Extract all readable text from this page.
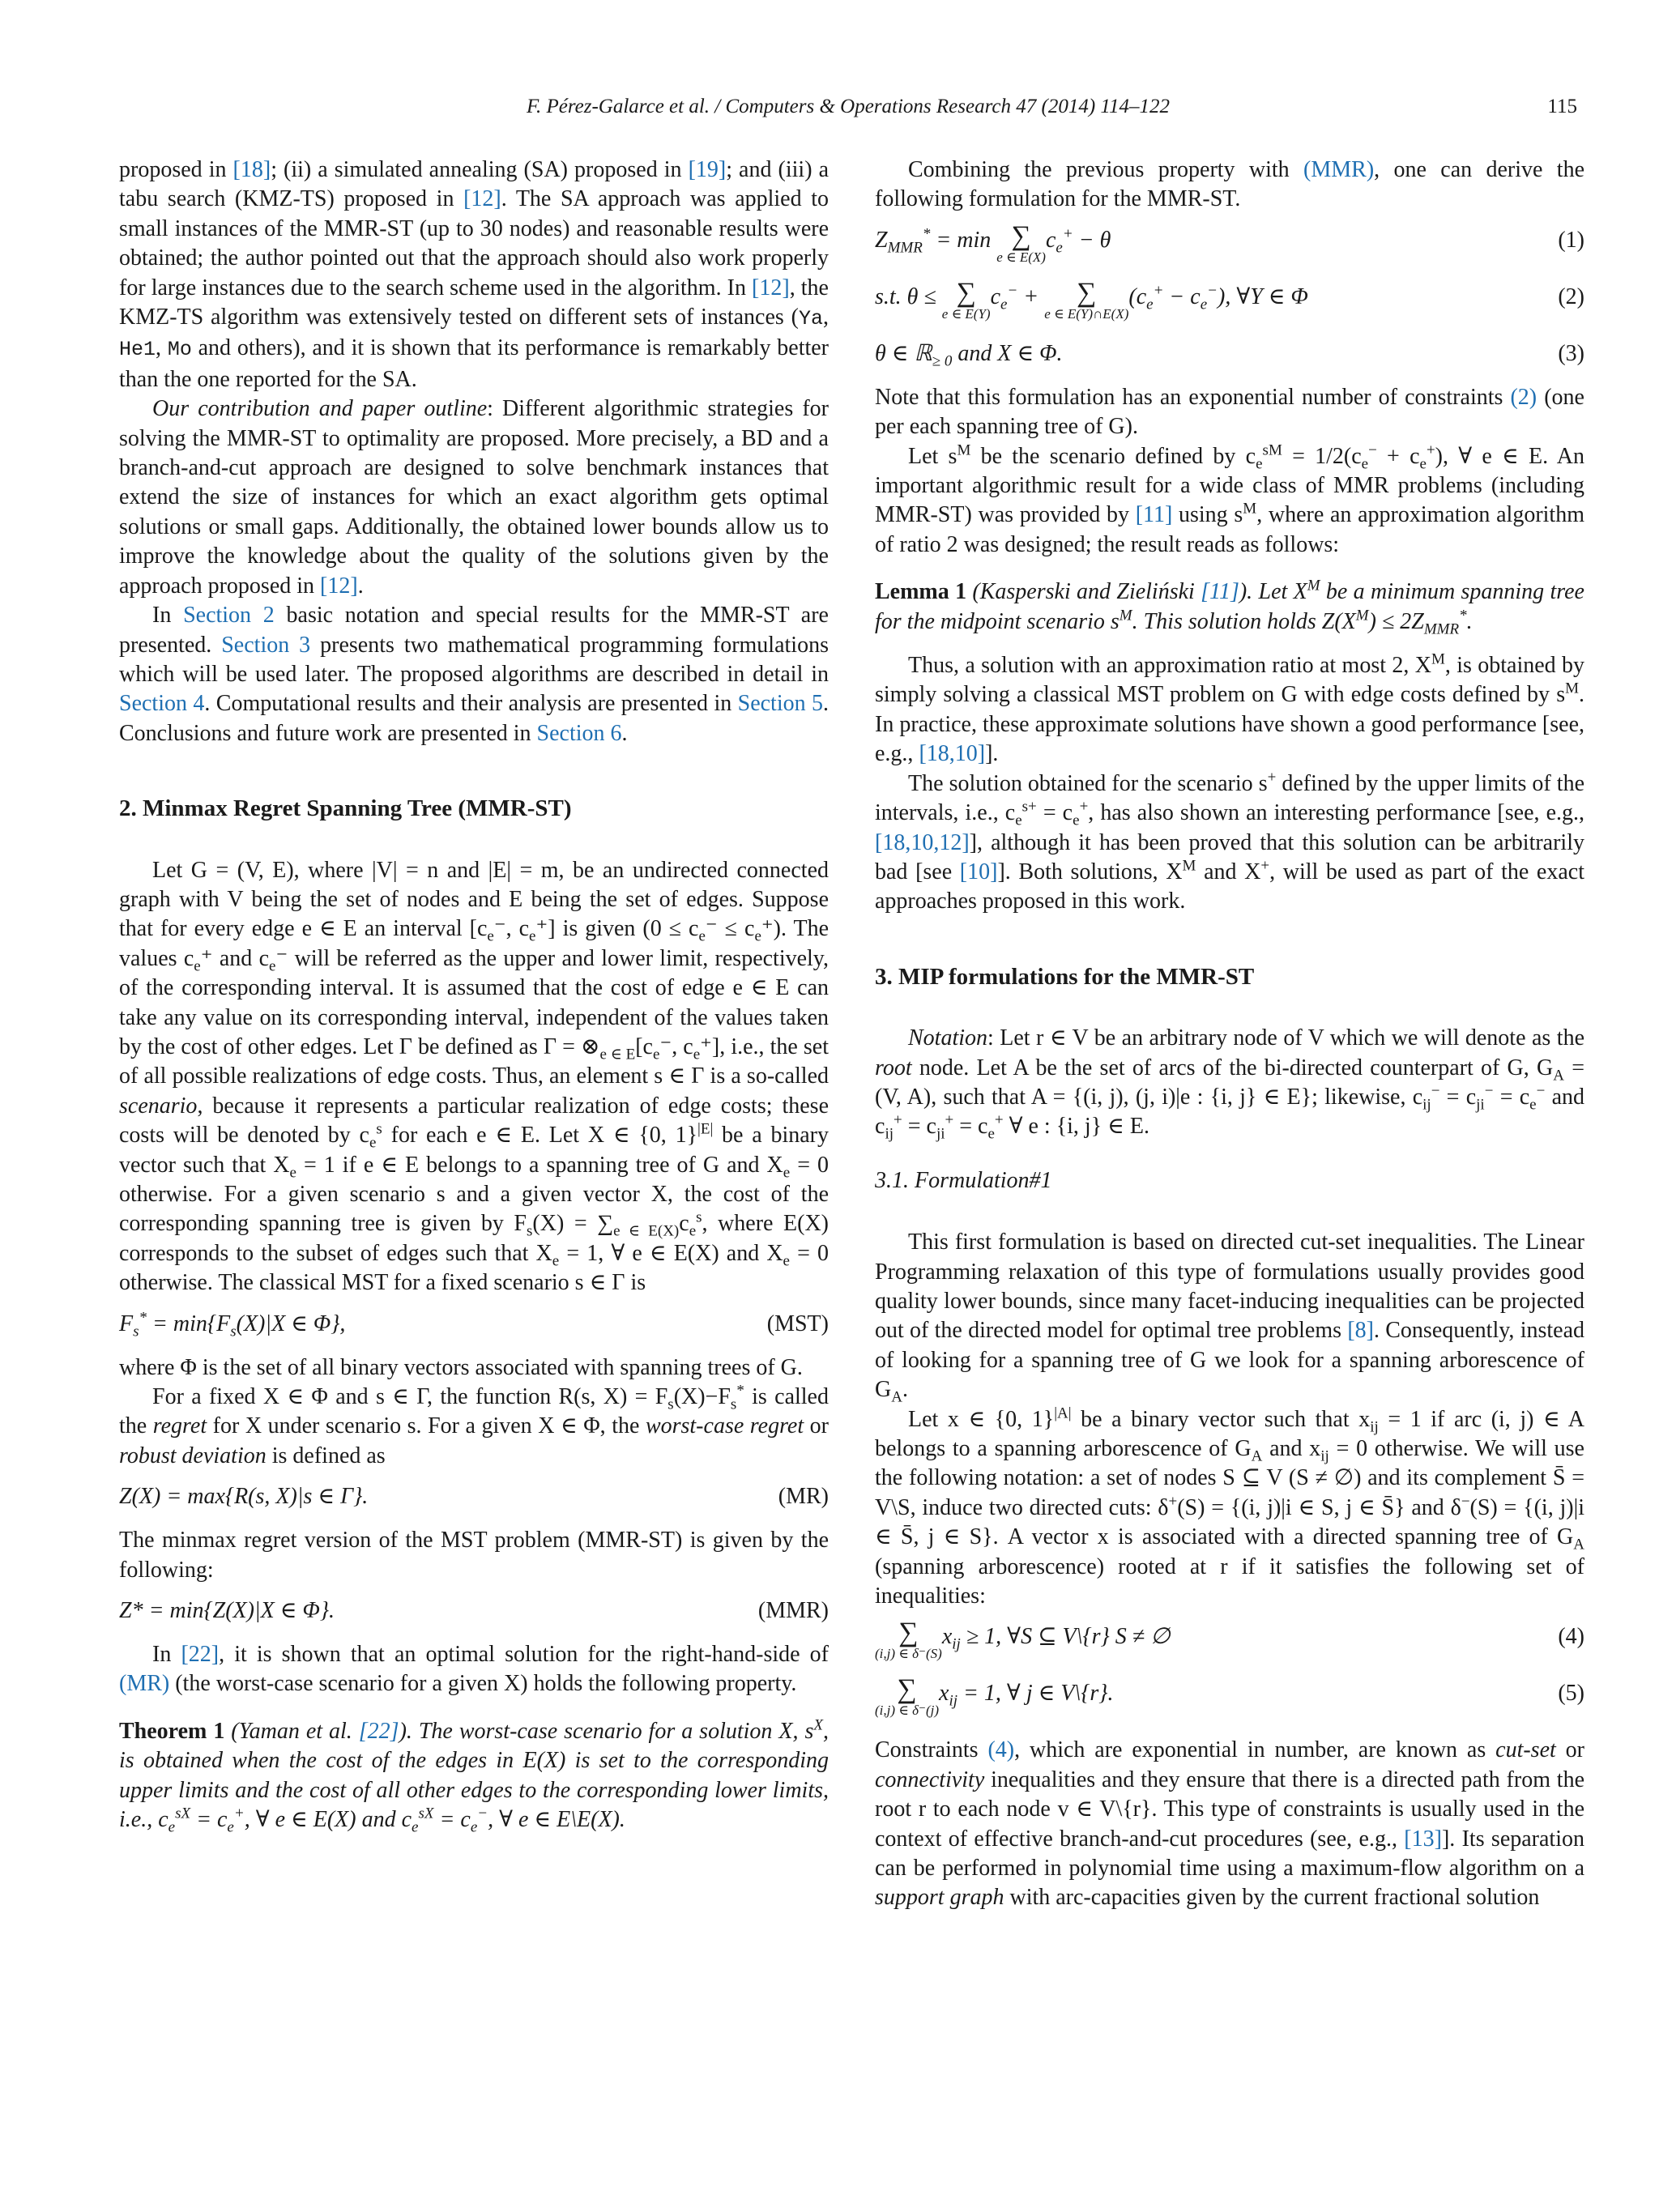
F. Pérez-Galarce et al. / Computers & Operations Research 47 (2014) 114–122	115

proposed in [18]; (ii) a simulated annealing (SA) proposed in [19]; and (iii) a tabu search (KMZ-TS) proposed in [12]. The SA approach was applied to small instances of the MMR-ST (up to 30 nodes) and reasonable results were obtained; the author pointed out that the approach should also work properly for large instances due to the search scheme used in the algorithm. In [12], the KMZ-TS algorithm was extensively tested on different sets of instances (Ya, He1, Mo and others), and it is shown that its performance is remarkably better than the one reported for the SA.

Our contribution and paper outline: Different algorithmic strategies for solving the MMR-ST to optimality are proposed. More precisely, a BD and a branch-and-cut approach are designed to solve benchmark instances that extend the size of instances for which an exact algorithm gets optimal solutions or small gaps. Additionally, the obtained lower bounds allow us to improve the knowledge about the quality of the solutions given by the approach proposed in [12].

In Section 2 basic notation and special results for the MMR-ST are presented. Section 3 presents two mathematical programming formulations which will be used later. The proposed algorithms are described in detail in Section 4. Computational results and their analysis are presented in Section 5. Conclusions and future work are presented in Section 6.

2. Minmax Regret Spanning Tree (MMR-ST)

Let G = (V, E), where |V| = n and |E| = m, be an undirected connected graph with V being the set of nodes and E being the set of edges. Suppose that for every edge e ∈ E an interval [$c_e^-$, $c_e^+$] is given $(0 \le c_e^- \le c_e^+)$. The values $c_e^+$ and $c_e^-$ will be referred as the upper and lower limit, respectively, of the corresponding interval. It is assumed that the cost of edge e ∈ E can take any value on its corresponding interval, independent of the values taken by the cost of other edges. Let Γ be defined as $\Gamma = \otimes_{e \in E}[c_e^-$, $c_e^+$], i.e., the set of all possible realizations of edge costs. Thus, an element s ∈ Γ is a so-called scenario, because it represents a particular realization of edge costs; these costs will be denoted by $c_e^s$ for each e ∈ E. Let X ∈ {0, 1}$^{|E|}$ be a binary vector such that $X_e = 1$ if e ∈ E belongs to a spanning tree of G and $X_e = 0$ otherwise. For a given scenario s and a given vector X, the cost of the corresponding spanning tree is given by $F_s(X) = \sum_{e \in E(X)}c_e^s$, where E(X) corresponds to the subset of edges such that $X_e = 1$, ∀ e ∈ E(X) and $X_e = 0$ otherwise. The classical MST for a fixed scenario s ∈ Γ is

$F_s^* = \min\{F_s(X)|X$ ∈ Φ},	(MST)

where Φ is the set of all binary vectors associated with spanning trees of G.

For a fixed X ∈ Φ and s ∈ Γ, the function R(s, $X) = F_s(X)-F_s^*$ is called the regret for X under scenario s. For a given X ∈ Φ, the worst-case regret or robust deviation is defined as

Z(X) = max{R(s, X)|s ∈ Γ}.	(MR)

The minmax regret version of the MST problem (MMR-ST) is given by the following:

Z* = min{Z(X)|X ∈ Φ}.	(MMR)

In [22], it is shown that an optimal solution for the right-hand-side of (MR) (the worst-case scenario for a given X) holds the following property.

Theorem 1 (Yaman et al. [22]). The worst-case scenario for a solution X, $s^X$, is obtained when the cost of the edges in E(X) is set to the corresponding upper limits and the cost of all other edges to the corresponding lower limits, i.e., $c_e^{sX} = c_e^+$, ∀ e ∈ E(X) and $c_e^{sX} = c_e^-$, ∀ e ∈ E\E(X).

Combining the previous property with (MMR), one can derive the following formulation for the MMR-ST.

$Z_{MMR}^* = \min$ ∑
e ∈ E(X)
$c_e^+ - \theta$	(1)
s.t. θ ≤ ∑
e ∈ E(Y)
$c_e^-$ +	∑
e ∈ E(Y)∩E(X)
$(c_e^+ - c_e^-)$, ∀Y ∈ Φ	(2)
θ ∈ ℝ$_{\ge 0}$ and X ∈ Φ.	(3)

Note that this formulation has an exponential number of constraints (2) (one per each spanning tree of G).

Let $s^M$ be the scenario defined by $c_e^{sM} = 1/2(c_e^- + c_e^+)$, ∀ e ∈ E. An important algorithmic result for a wide class of MMR problems (including MMR-ST) was provided by [11] using $s^M$, where an approximation algorithm of ratio 2 was designed; the result reads as follows:

Lemma 1 (Kasperski and Zieliński [11]). Let $X^M$ be a minimum spanning tree for the midpoint scenario $s^M$. This solution holds $Z(X^M) \le 2Z_{MMR}^*$.

Thus, a solution with an approximation ratio at most 2, $X^M$, is obtained by simply solving a classical MST problem on G with edge costs defined by $s^M$. In practice, these approximate solutions have shown a good performance [see, e.g., [18,10]].

The solution obtained for the scenario s+ defined by the upper limits of the intervals, i.e., $c_e^{s+} = c_e^+$, has also shown an interesting performance [see, e.g., [18,10,12]], although it has been proved that this solution can be arbitrarily bad [see [10]]. Both solutions, $X^M$ and X+, will be used as part of the exact approaches proposed in this work.

3. MIP formulations for the MMR-ST

Notation: Let r ∈ V be an arbitrary node of V which we will denote as the root node. Let A be the set of arcs of the bi-directed counterpart of G, $G_A = (V$, A), such that A = {(i, j), (j, i)|e : {i, j} ∈ E}; likewise, $c_{ij}^- = c_{ji}^- = c_e^-$ and $c_{ij}^+ = c_{ji}^+ = c_e^+$ ∀ e : {i, j} ∈ E.

3.1. Formulation#1

This first formulation is based on directed cut-set inequalities. The Linear Programming relaxation of this type of formulations usually provides good quality lower bounds, since many facet-inducing inequalities can be projected out of the directed model for optimal tree problems [8]. Consequently, instead of looking for a spanning tree of G we look for a spanning arborescence of $G_A$.

Let x ∈ {0, 1}$^{|A|}$ be a binary vector such that $x_{ij} = 1$ if arc (i, j) ∈ A belongs to a spanning arborescence of $G_A$ and $x_{ij} = 0$ otherwise. We will use the following notation: a set of nodes S ⊆ V (S ≠ ∅) and its complement S̄ = V\S, induce two directed cuts: δ+(S) = {(i, j)|i ∈ S, j ∈ S̄} and δ−(S) = {(i, j)|i ∈ S̄, j ∈ S}. A vector x is associated with a directed spanning tree of $G_A$ (spanning arborescence) rooted at r if it satisfies the following set of inequalities:

∑
(i,j) ∈ δ⁻(S)
$x_{ij} \ge 1$, ∀S ⊆ V\{r} S ≠ ∅	(4)
∑
(i,j) ∈ δ⁻(j)
$x_{ij} = 1$, ∀ j ∈ V\{r}.	(5)

Constraints (4), which are exponential in number, are known as cut-set or connectivity inequalities and they ensure that there is a directed path from the root r to each node v ∈ V\{r}. This type of constraints is usually used in the context of effective branch-and-cut procedures (see, e.g., [13]]. Its separation can be performed in polynomial time using a maximum-flow algorithm on a support graph with arc-capacities given by the current fractional solution
